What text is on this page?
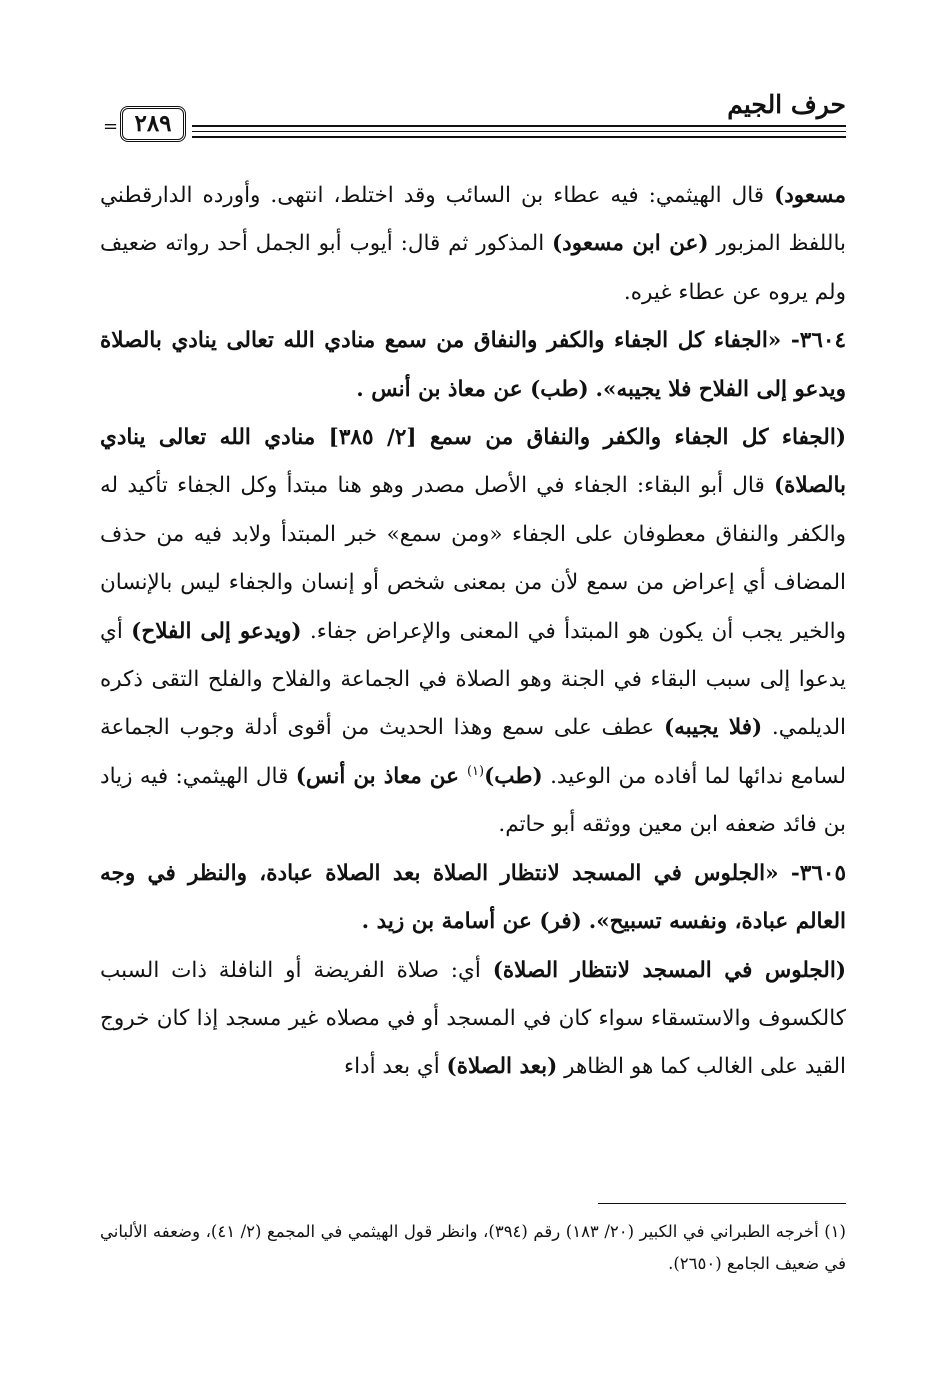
حرف الجيم
٢٨٩
=

مسعود) قال الهيثمي: فيه عطاء بن السائب وقد اختلط، انتهى. وأورده الدارقطني باللفظ المزبور (عن ابن مسعود) المذكور ثم قال: أيوب أبو الجمل أحد رواته ضعيف ولم يروه عن عطاء غيره.

٣٦٠٤- «الجفاء كل الجفاء والكفر والنفاق من سمع منادي الله تعالى ينادي بالصلاة ويدعو إلى الفلاح فلا يجيبه». (طب) عن معاذ بن أنس .

(الجفاء كل الجفاء والكفر والنفاق من سمع [٢/ ٣٨٥] منادي الله تعالى ينادي بالصلاة) قال أبو البقاء: الجفاء في الأصل مصدر وهو هنا مبتدأ وكل الجفاء تأكيد له والكفر والنفاق معطوفان على الجفاء «ومن سمع» خبر المبتدأ ولابد فيه من حذف المضاف أي إعراض من سمع لأن من بمعنى شخص أو إنسان والجفاء ليس بالإنسان والخير يجب أن يكون هو المبتدأ في المعنى والإعراض جفاء. (ويدعو إلى الفلاح) أي يدعوا إلى سبب البقاء في الجنة وهو الصلاة في الجماعة والفلاح والفلح التقى ذكره الديلمي. (فلا يجيبه) عطف على سمع وهذا الحديث من أقوى أدلة وجوب الجماعة لسامع ندائها لما أفاده من الوعيد. (طب)$^{(١)}$ عن معاذ بن أنس) قال الهيثمي: فيه زياد بن فائد ضعفه ابن معين ووثقه أبو حاتم.

٣٦٠٥- «الجلوس في المسجد لانتظار الصلاة بعد الصلاة عبادة، والنظر في وجه العالم عبادة، ونفسه تسبيح». (فر) عن أسامة بن زيد .

(الجلوس في المسجد لانتظار الصلاة) أي: صلاة الفريضة أو النافلة ذات السبب كالكسوف والاستسقاء سواء كان في المسجد أو في مصلاه غير مسجد إذا كان خروج القيد على الغالب كما هو الظاهر (بعد الصلاة) أي بعد أداء

(١) أخرجه الطبراني في الكبير (٢٠/ ١٨٣) رقم (٣٩٤)، وانظر قول الهيثمي في المجمع (٢/ ٤١)، وضعفه الألباني في ضعيف الجامع (٢٦٥٠).
